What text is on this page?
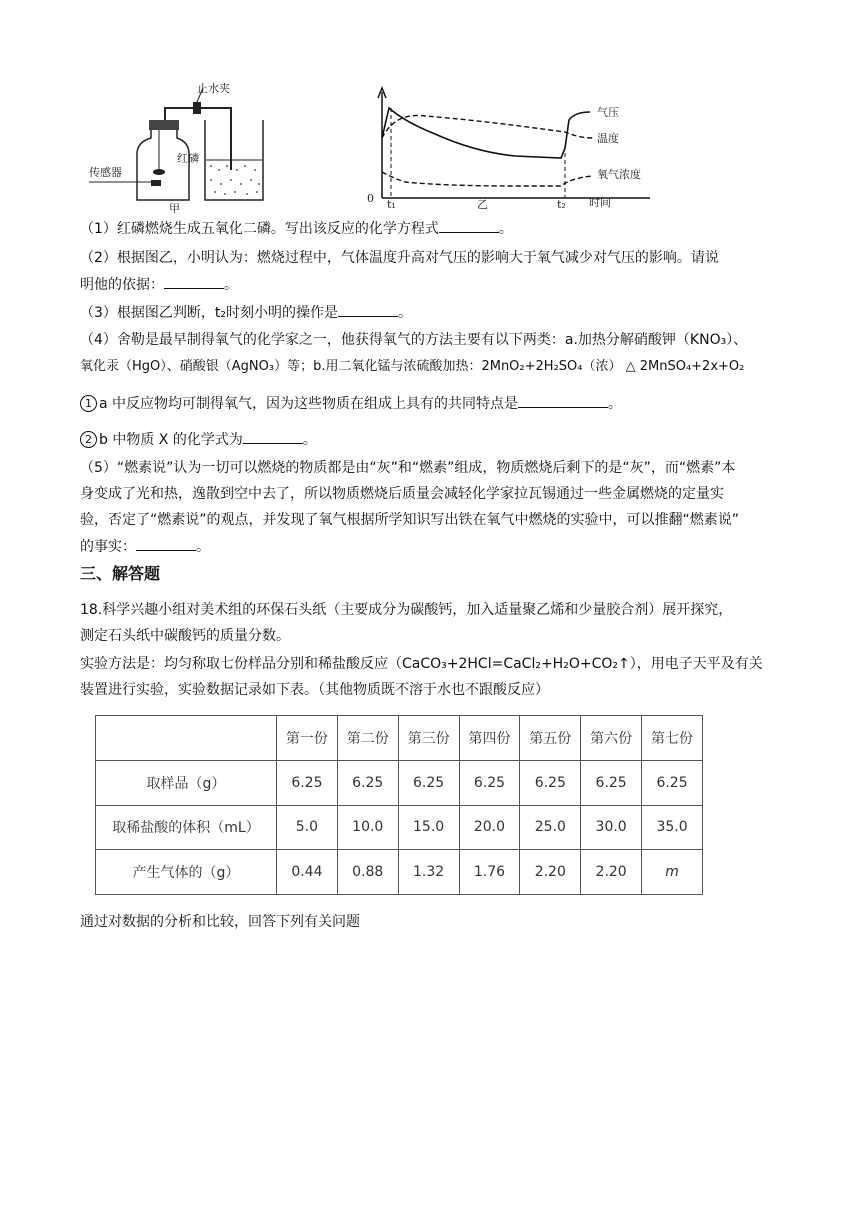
止水夹
传感器
红磷
甲
0
气压
温度
氧气浓度
t₁	t₂
乙	时间
（1）红磷燃烧生成五氧化二磷。写出该反应的化学方程式	。
（2）根据图乙，小明认为：燃烧过程中，气体温度升高对气压的影响大于氧气减少对气压的影响。请说
明他的依据：	。
（3）根据图乙判断，t₂时刻小明的操作是	。
（4）舍勒是最早制得氧气的化学家之一，他获得氧气的方法主要有以下两类：a.加热分解硝酸钾（KNO₃）、
氧化汞（HgO）、硝酸银（AgNO₃）等；b.用二氧化锰与浓硫酸加热：2MnO₂+2H₂SO₄（浓） △ 2MnSO₄+2x+O₂
1 a 中反应物均可制得氧气，因为这些物质在组成上具有的共同特点是	。
2 b 中物质 X 的化学式为	。
（5）“燃素说”认为一切可以燃烧的物质都是由“灰”和“燃素”组成，物质燃烧后剩下的是“灰”，而“燃素”本
身变成了光和热，逸散到空中去了，所以物质燃烧后质量会减轻化学家拉瓦锡通过一些金属燃烧的定量实
验，否定了“燃素说”的观点，并发现了氧气根据所学知识写出铁在氧气中燃烧的实验中，可以推翻“燃素说”
的事实：	。
三、解答题
18.科学兴趣小组对美术组的环保石头纸（主要成分为碳酸钙，加入适量聚乙烯和少量胶合剂）展开探究，
测定石头纸中碳酸钙的质量分数。
实验方法是：均匀称取七份样品分别和稀盐酸反应（CaCO₃+2HCl=CaCl₂+H₂O+CO₂↑），用电子天平及有关
装置进行实验，实验数据记录如下表。（其他物质既不溶于水也不跟酸反应）
	第一份	第二份	第三份	第四份	第五份	第六份	第七份
取样品（g）	6.25	6.25	6.25	6.25	6.25	6.25	6.25
取稀盐酸的体积（mL）	5.0	10.0	15.0	20.0	25.0	30.0	35.0
产生气体的（g）	0.44	0.88	1.32	1.76	2.20	2.20	m
通过对数据的分析和比较，回答下列有关问题
